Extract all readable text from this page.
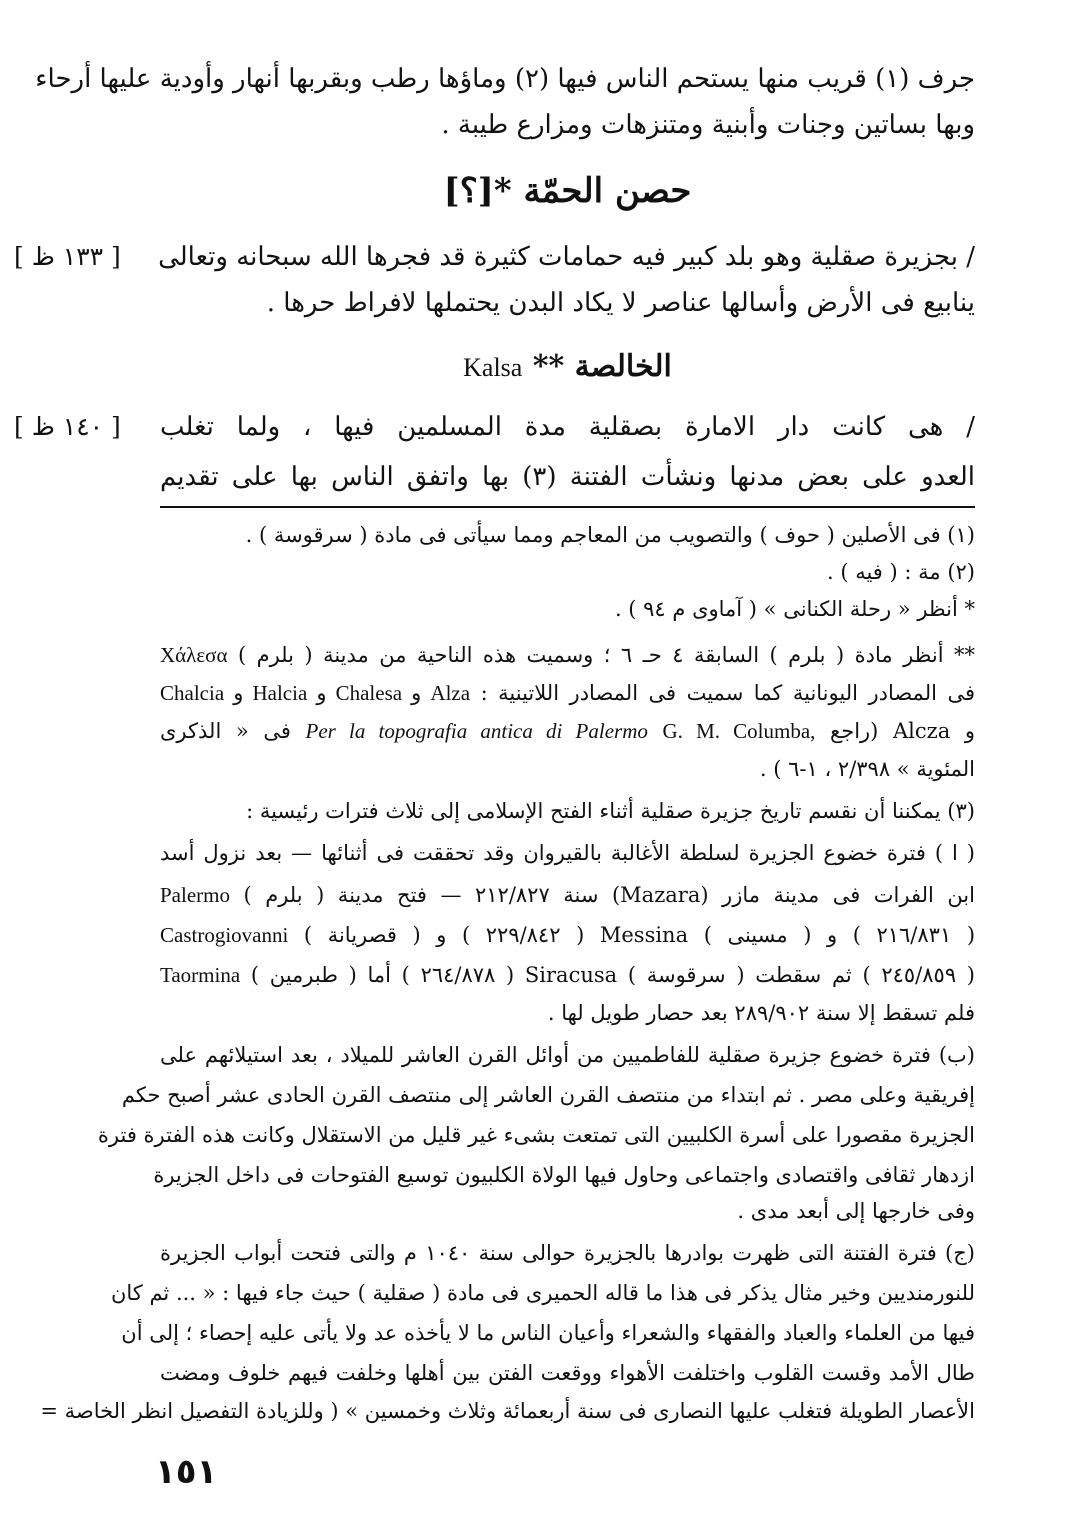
جرف (١) قريب منها يستحم الناس فيها (٢) وماؤها رطب وبقربها أنهار وأودية عليها أرحاء
وبها بساتين وجنات وأبنية ومتنزهات ومزارع طيبة .
حصن الحمّة *[؟]
[ ١٣٣ ظ ]	/ بجزيرة صقلية وهو بلد كبير فيه حمامات كثيرة قد فجرها الله سبحانه وتعالى
ينابيع فى الأرض وأسالها عناصر لا يكاد البدن يحتملها لافراط حرها .
الخالصة ** Kalsa
[ ١٤٠ ظ ]	/ هى كانت دار الامارة بصقلية مدة المسلمين فيها ، ولما تغلب
العدو على بعض مدنها ونشأت الفتنة (٣) بها واتفق الناس بها على تقديم
(١) فى الأصلين ( حوف ) والتصويب من المعاجم ومما سيأتى فى مادة ( سرقوسة ) .
(٢) مة : ( فيه ) .
* أنظر « رحلة الكنانى » ( آماوى م ٩٤ ) .
** أنظر مادة ( بلرم ) السابقة ٤ حـ ٦ ؛ وسميت هذه الناحية من مدينة ( بلرم ) Χάλεσα
فى المصادر اليونانية كما سميت فى المصادر اللاتينية : Chalcia و Halcia و Chalesa و Alza
و Alcza (راجع G. M. Columba, Per la topografia antica di Palermo فى « الذكرى
المئوية » ٢/٣٩٨ ، ١-٦ ) .
(٣) يمكننا أن نقسم تاريخ جزيرة صقلية أثناء الفتح الإسلامى إلى ثلاث فترات رئيسية :
( ا ) فترة خضوع الجزيرة لسلطة الأغالبة بالقيروان وقد تحققت فى أثنائها — بعد نزول أسد
ابن الفرات فى مدينة مازر (Mazara) سنة ٢١٢/٨٢٧ — فتح مدينة ( بلرم ) Palermo
( ٢١٦/٨٣١ ) و ( مسينى ) Messina ( ٢٢٩/٨٤٢ ) و ( قصريانة ) Castrogiovanni
( ٢٤٥/٨٥٩ ) ثم سقطت ( سرقوسة ) Siracusa ( ٢٦٤/٨٧٨ ) أما ( طبرمين ) Taormina
فلم تسقط إلا سنة ٢٨٩/٩٠٢ بعد حصار طويل لها .
(ب) فترة خضوع جزيرة صقلية للفاطميين من أوائل القرن العاشر للميلاد ، بعد استيلائهم على
إفريقية وعلى مصر . ثم ابتداء من منتصف القرن العاشر إلى منتصف القرن الحادى عشر أصبح حكم
الجزيرة مقصورا على أسرة الكلبيين التى تمتعت بشىء غير قليل من الاستقلال وكانت هذه الفترة فترة
ازدهار ثقافى واقتصادى واجتماعى وحاول فيها الولاة الكلبيون توسيع الفتوحات فى داخل الجزيرة
وفى خارجها إلى أبعد مدى .
(ج) فترة الفتنة التى ظهرت بوادرها بالجزيرة حوالى سنة ١٠٤٠ م والتى فتحت أبواب الجزيرة
للنورمنديين وخير مثال يذكر فى هذا ما قاله الحميرى فى مادة ( صقلية ) حيث جاء فيها : « ... ثم كان
فيها من العلماء والعباد والفقهاء والشعراء وأعيان الناس ما لا يأخذه عد ولا يأتى عليه إحصاء ؛ إلى أن
طال الأمد وقست القلوب واختلفت الأهواء ووقعت الفتن بين أهلها وخلفت فيهم خلوف ومضت
الأعصار الطويلة فتغلب عليها النصارى فى سنة أربعمائة وثلاث وخمسين » ( وللزيادة التفصيل انظر الخاصة =
١٥١
